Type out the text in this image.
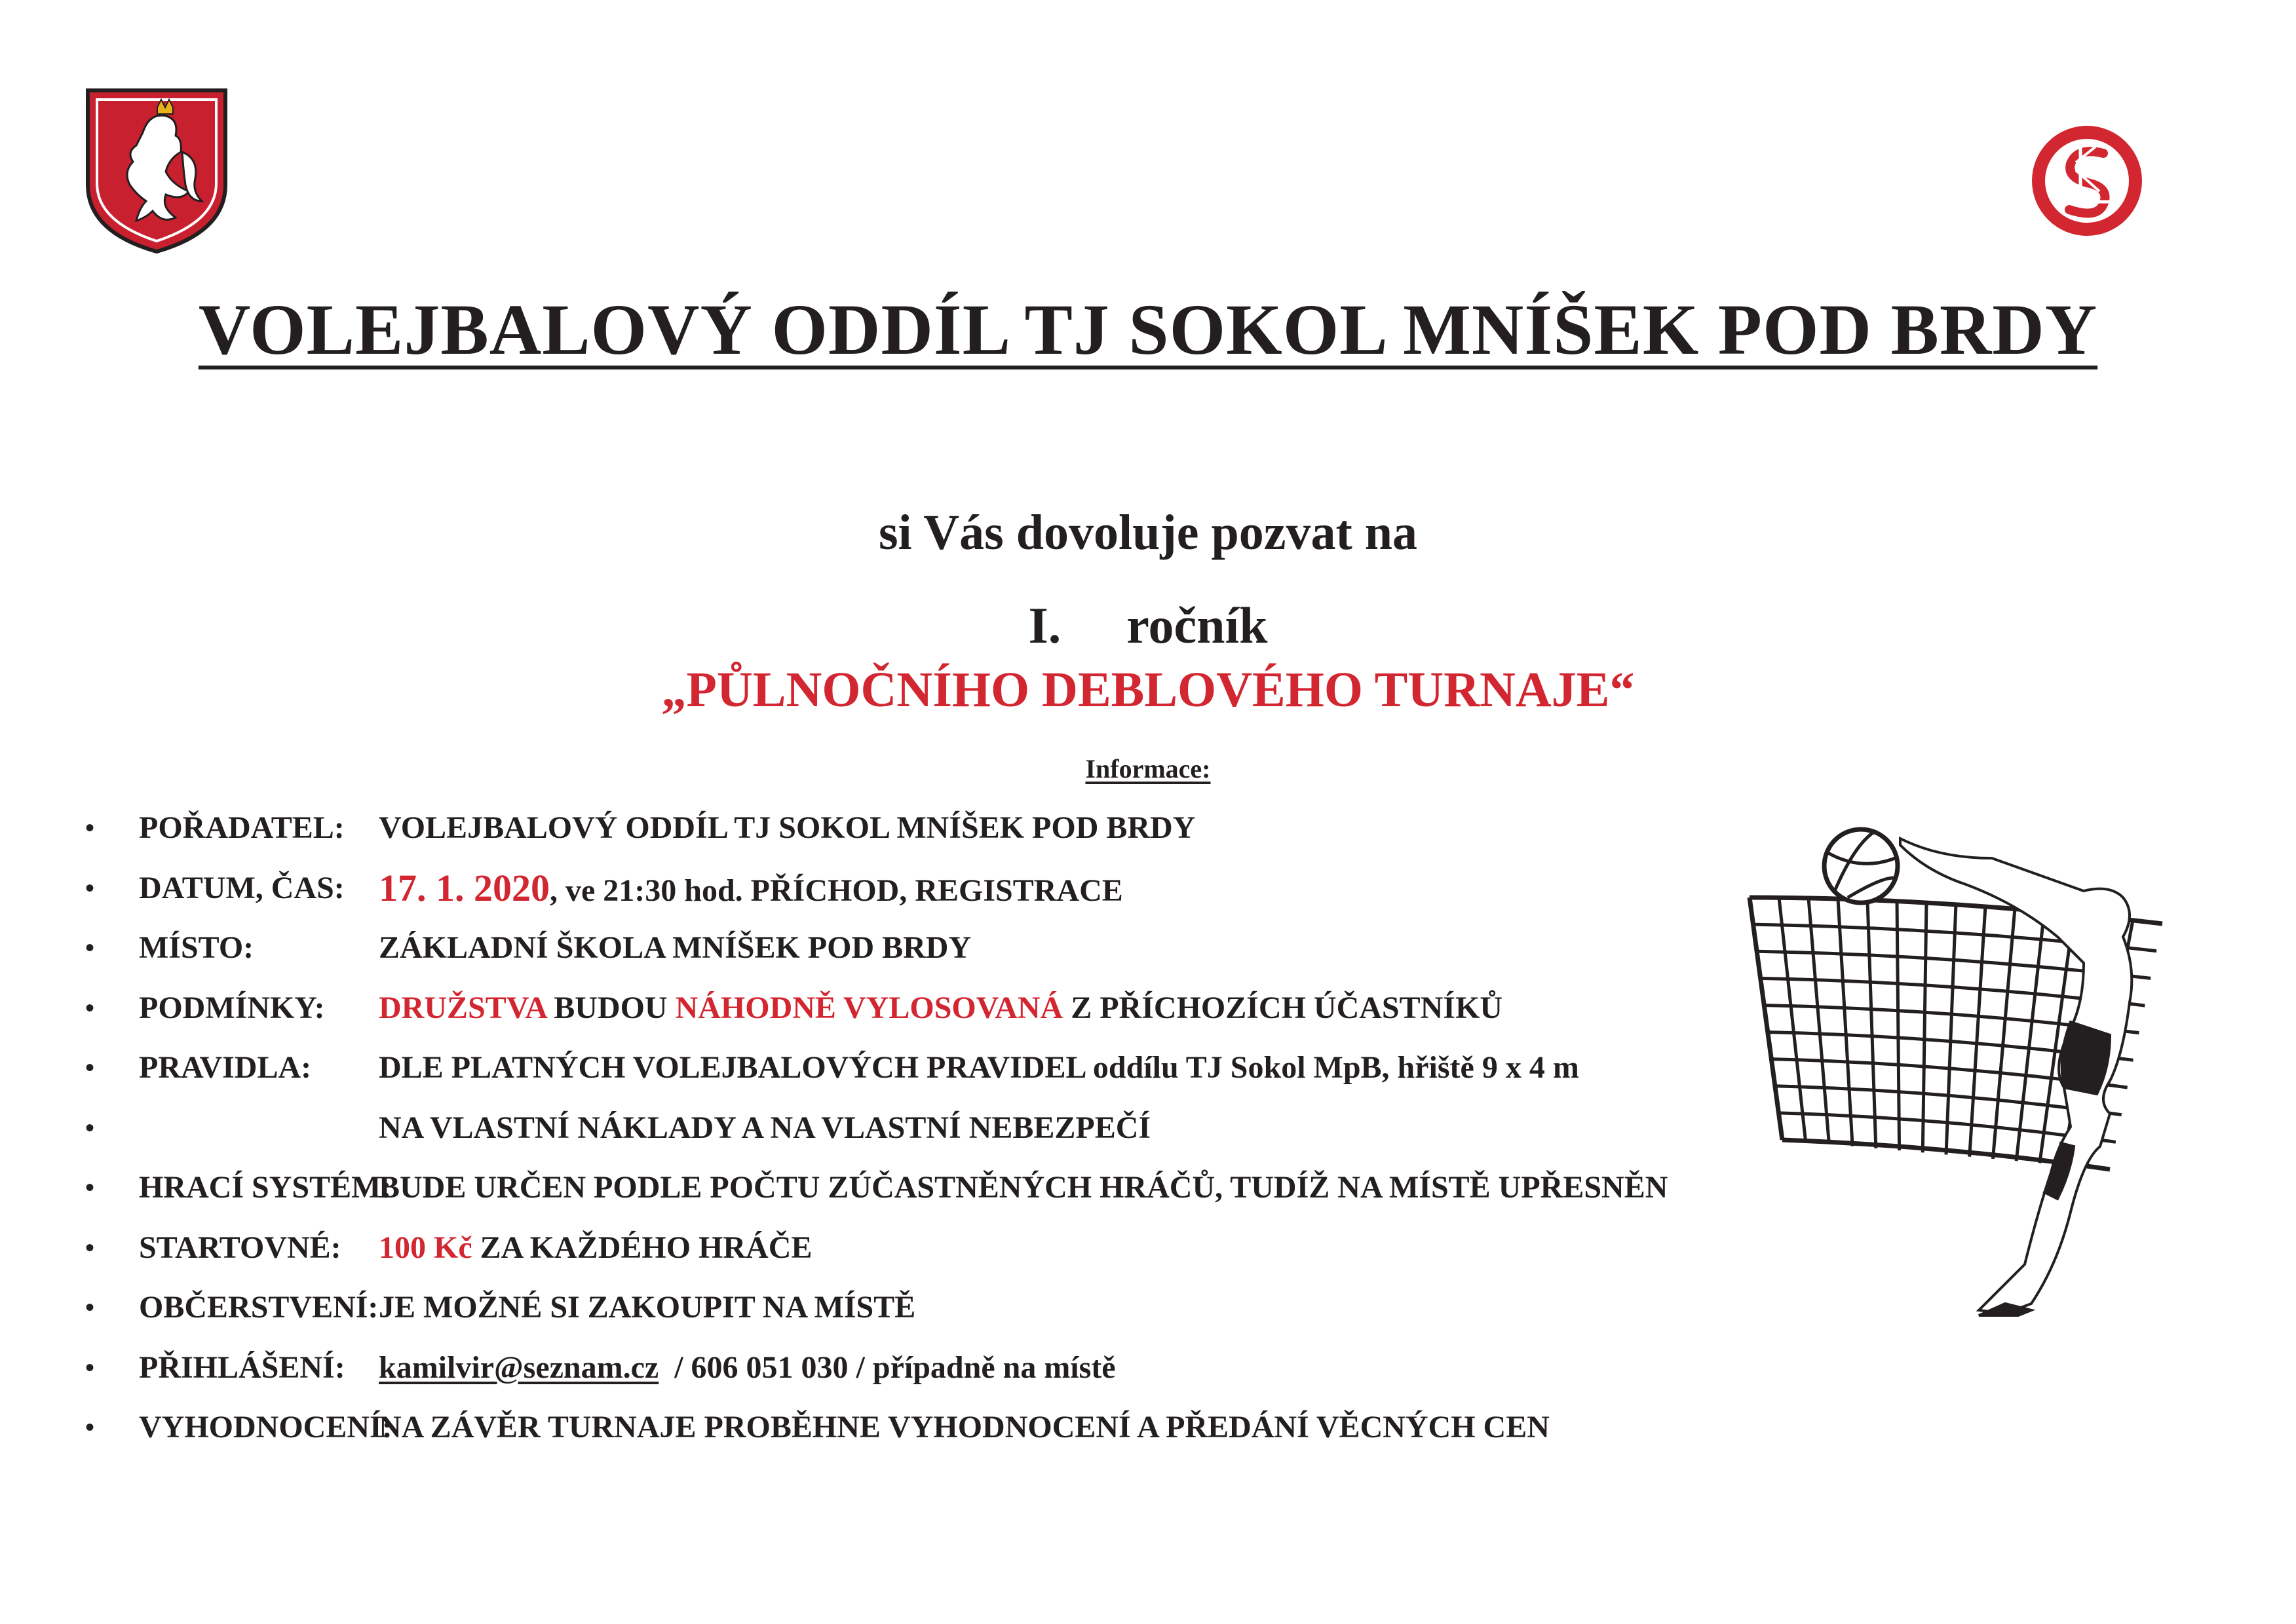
VOLEJBALOVÝ ODDÍL TJ SOKOL MNÍŠEK POD BRDY
si Vás dovoluje pozvat na
I. ročník
„PŮLNOČNÍHO DEBLOVÉHO TURNAJE“
Informace:
• POŘADATEL: VOLEJBALOVÝ ODDÍL TJ SOKOL MNÍŠEK POD BRDY
• DATUM, ČAS: 17. 1. 2020, ve 21:30 hod. PŘÍCHOD, REGISTRACE
• MÍSTO:	ZÁKLADNÍ ŠKOLA MNÍŠEK POD BRDY
• PODMÍNKY: DRUŽSTVA BUDOU NÁHODNĚ VYLOSOVANÁ Z PŘÍCHOZÍCH ÚČASTNÍKŮ
• PRAVIDLA: DLE PLATNÝCH VOLEJBALOVÝCH PRAVIDEL oddílu TJ Sokol MpB, hřiště 9 x 4 m
•	NA VLASTNÍ NÁKLADY A NA VLASTNÍ NEBEZPEČÍ
• HRACÍ SYSTÉM:
BUDE URČEN PODLE POČTU ZÚČASTNĚNÝCH HRÁČŮ, TUDÍŽ NA MÍSTĚ UPŘESNĚN
• STARTOVNÉ: 100 Kč ZA KAŽDÉHO HRÁČE
• OBČERSTVENÍ: JE MOŽNÉ SI ZAKOUPIT NA MÍSTĚ
• PŘIHLÁŠENÍ: kamilvir@seznam.cz  / 606 051 030 / případně na místě
• VYHODNOCENÍ:
NA ZÁVĚR TURNAJE PROBĚHNE VYHODNOCENÍ A PŘEDÁNÍ VĚCNÝCH CEN
